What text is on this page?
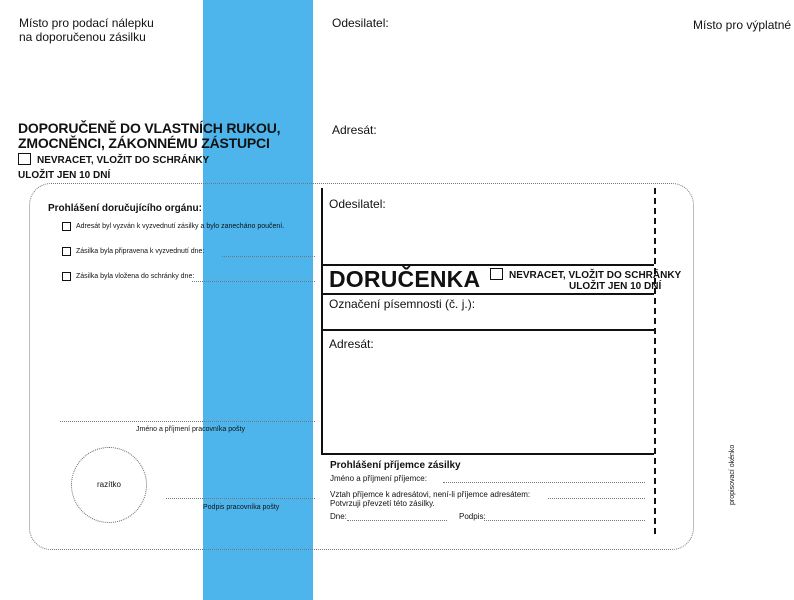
Místo pro podací nálepku
na doporučenou zásilku
Odesilatel:	Místo pro výplatné
DOPORUČENĚ DO VLASTNÍCH RUKOU,
ZMOCNĚNCI, ZÁKONNÉMU ZÁSTUPCI
NEVRACET, VLOŽIT DO SCHRÁNKY
ULOŽIT JEN 10 DNÍ
Adresát:
Prohlášení doručujícího orgánu:
Adresát byl vyzván k vyzvednutí zásilky a bylo zanecháno poučení.
Zásilka byla připravena k vyzvednutí dne:
Zásilka byla vložena do schránky dne:
Jméno a příjmení pracovníka pošty
razítko
Podpis pracovníka pošty
Odesilatel:
DORUČENKA	NEVRACET, VLOŽIT DO SCHRÁNKY
ULOŽIT JEN 10 DNÍ
Označení písemnosti (č. j.):
Adresát:
Prohlášení příjemce zásilky
Jméno a příjmení příjemce:
Vztah příjemce k adresátovi, není-li příjemce adresátem:
Potvrzuji převzetí této zásilky.
Dne:	Podpis:
propisovací okénko
